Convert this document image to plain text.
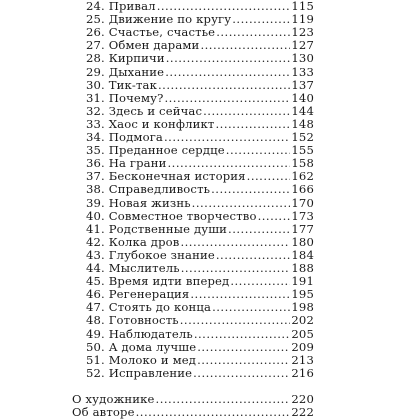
24. Привал . . .	115
25. Движение по кругу . . .	119
26. Счастье, счастье . . .	123
27. Обмен дарами . . .	127
28. Кирпичи . . .	130
29. Дыхание . . .	133
30. Тик-так . . .	137
31. Почему? . . .	140
32. Здесь и сейчас . . .	144
33. Хаос и конфликт . . .	148
34. Подмога . . .	152
35. Преданное сердце . . .	155
36. На грани . . .	158
37. Бесконечная история . . .	162
38. Справедливость . . .	166
39. Новая жизнь . . .	170
40. Совместное творчество . . .	173
41. Родственные души . . .	177
42. Колка дров . . .	180
43. Глубокое знание . . .	184
44. Мыслитель . . .	188
45. Время идти вперед . . .	191
46. Регенерация . . .	195
47. Стоять до конца . . .	198
48. Готовность . . .	202
49. Наблюдатель . . .	205
50. А дома лучше . . .	209
51. Молоко и мед . . .	213
52. Исправление . . .	216
О художнике . . .	220
Об авторе . . .	222
